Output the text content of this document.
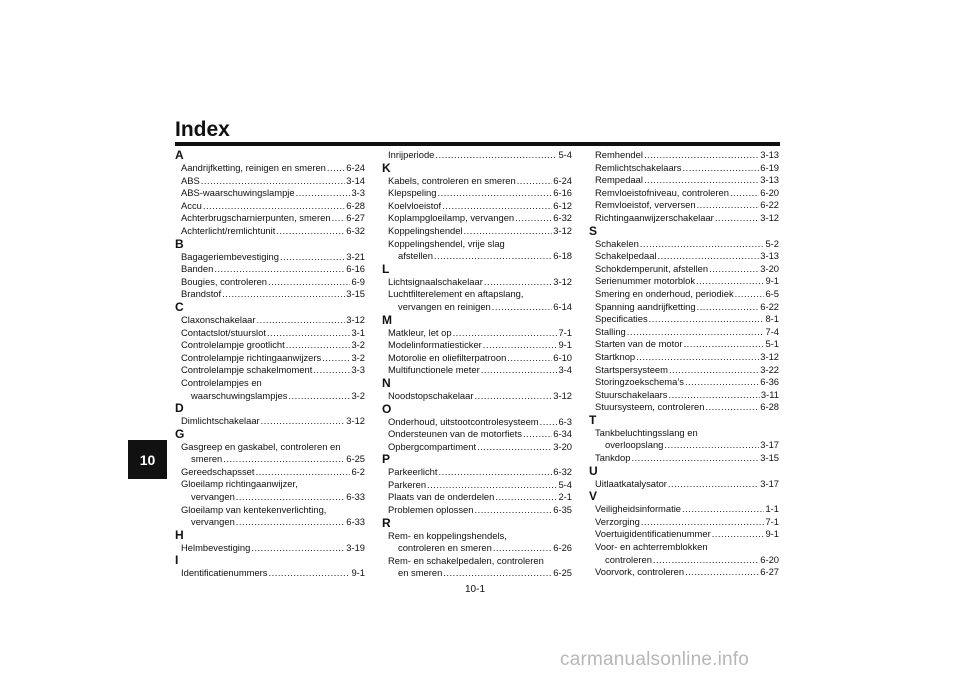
Index
10
A
Aandrijfketting, reinigen en smeren ..... 6-24
ABS .....	3-14
ABS-waarschuwingslampje .....	3-3
Accu .....	6-28
Achterbrugscharnierpunten, smeren ..... 6-27
Achterlicht/remlichtunit .....	6-32
B
Bagageriembevestiging .....	3-21
Banden .....	6-16
Bougies, controleren .....	6-9
Brandstof .....	3-15
C
Claxonschakelaar .....	3-12
Contactslot/stuurslot .....	3-1
Controlelampje grootlicht .....	3-2
Controlelampje richtingaanwijzers .....	3-2
Controlelampje schakelmoment .....	3-3
Controlelampjes en
waarschuwingslampjes .....	3-2
D
Dimlichtschakelaar .....	3-12
G
Gasgreep en gaskabel, controleren en
smeren .....	6-25
Gereedschapsset .....	6-2
Gloeilamp richtingaanwijzer,
vervangen .....	6-33
Gloeilamp van kentekenverlichting,
vervangen .....	6-33
H
Helmbevestiging .....	3-19
I
Identificatienummers .....	9-1
Inrijperiode .....	5-4
K
Kabels, controleren en smeren .....	6-24
Klepspeling .....	6-16
Koelvloeistof .....	6-12
Koplampgloeilamp, vervangen .....	6-32
Koppelingshendel .....	3-12
Koppelingshendel, vrije slag
afstellen .....	6-18
L
Lichtsignaalschakelaar .....	3-12
Luchtfilterelement en aftapslang,
vervangen en reinigen .....	6-14
M
Matkleur, let op .....	7-1
Modelinformatiesticker .....	9-1
Motorolie en oliefilterpatroon .....	6-10
Multifunctionele meter .....	3-4
N
Noodstopschakelaar .....	3-12
O
Onderhoud, uitstootcontrolesysteem ..... 6-3
Ondersteunen van de motorfiets .....	6-34
Opbergcompartiment .....	3-20
P
Parkeerlicht .....	6-32
Parkeren .....	5-4
Plaats van de onderdelen .....	2-1
Problemen oplossen .....	6-35
R
Rem- en koppelingshendels,
controleren en smeren .....	6-26
Rem- en schakelpedalen, controleren
en smeren .....	6-25
Remhendel .....	3-13
Remlichtschakelaars .....	6-19
Rempedaal .....	3-13
Remvloeistofniveau, controleren .....	6-20
Remvloeistof, verversen .....	6-22
Richtingaanwijzerschakelaar .....	3-12
S
Schakelen .....	5-2
Schakelpedaal .....	3-13
Schokdemperunit, afstellen .....	3-20
Serienummer motorblok .....	9-1
Smering en onderhoud, periodiek .....	6-5
Spanning aandrijfketting .....	6-22
Specificaties .....	8-1
Stalling .....	7-4
Starten van de motor .....	5-1
Startknop .....	3-12
Startspersysteem .....	3-22
Storingzoekschema’s .....	6-36
Stuurschakelaars .....	3-11
Stuursysteem, controleren .....	6-28
T
Tankbeluchtingsslang en
overloopslang .....	3-17
Tankdop .....	3-15
U
Uitlaatkatalysator .....	3-17
V
Veiligheidsinformatie .....	1-1
Verzorging .....	7-1
Voertuigidentificatienummer .....	9-1
Voor- en achterremblokken
controleren .....	6-20
Voorvork, controleren .....	6-27
10-1
carmanualsonline.info
